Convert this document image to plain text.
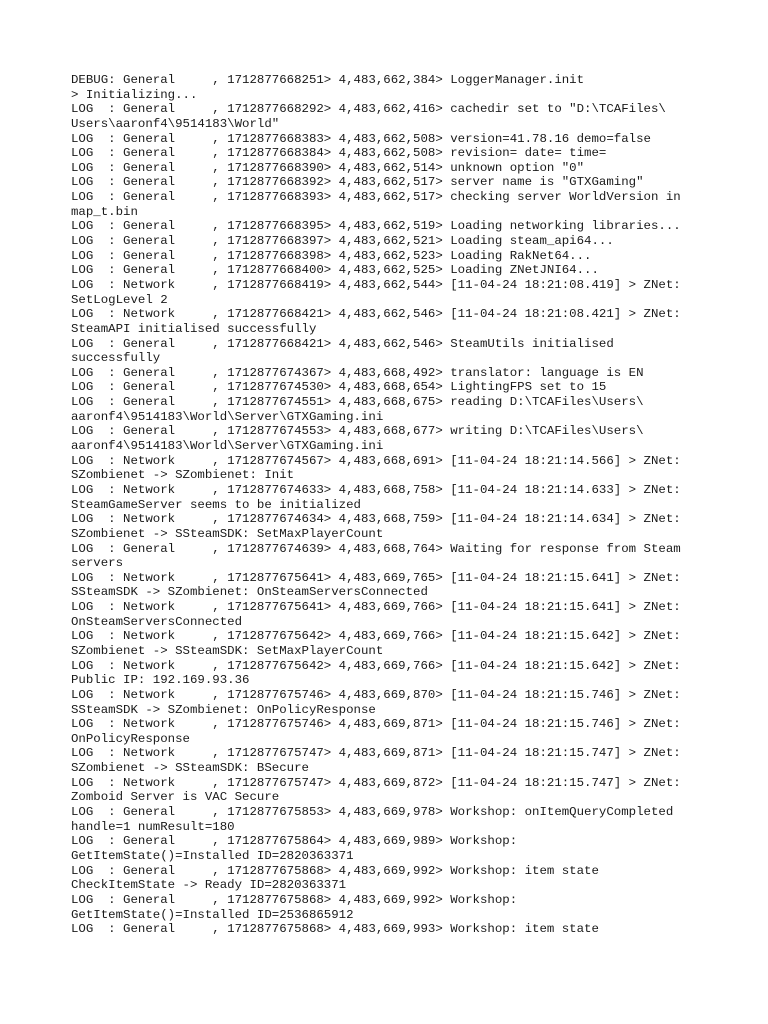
DEBUG: General     , 1712877668251> 4,483,662,384> LoggerManager.init
> Initializing...
LOG  : General     , 1712877668292> 4,483,662,416> cachedir set to "D:\TCAFiles\
Users\aaronf4\9514183\World"
LOG  : General     , 1712877668383> 4,483,662,508> version=41.78.16 demo=false
LOG  : General     , 1712877668384> 4,483,662,508> revision= date= time=
LOG  : General     , 1712877668390> 4,483,662,514> unknown option "0"
LOG  : General     , 1712877668392> 4,483,662,517> server name is "GTXGaming"
LOG  : General     , 1712877668393> 4,483,662,517> checking server WorldVersion in
map_t.bin
LOG  : General     , 1712877668395> 4,483,662,519> Loading networking libraries...
LOG  : General     , 1712877668397> 4,483,662,521> Loading steam_api64...
LOG  : General     , 1712877668398> 4,483,662,523> Loading RakNet64...
LOG  : General     , 1712877668400> 4,483,662,525> Loading ZNetJNI64...
LOG  : Network     , 1712877668419> 4,483,662,544> [11-04-24 18:21:08.419] > ZNet:
SetLogLevel 2
LOG  : Network     , 1712877668421> 4,483,662,546> [11-04-24 18:21:08.421] > ZNet:
SteamAPI initialised successfully
LOG  : General     , 1712877668421> 4,483,662,546> SteamUtils initialised
successfully
LOG  : General     , 1712877674367> 4,483,668,492> translator: language is EN
LOG  : General     , 1712877674530> 4,483,668,654> LightingFPS set to 15
LOG  : General     , 1712877674551> 4,483,668,675> reading D:\TCAFiles\Users\
aaronf4\9514183\World\Server\GTXGaming.ini
LOG  : General     , 1712877674553> 4,483,668,677> writing D:\TCAFiles\Users\
aaronf4\9514183\World\Server\GTXGaming.ini
LOG  : Network     , 1712877674567> 4,483,668,691> [11-04-24 18:21:14.566] > ZNet:
SZombienet -> SZombienet: Init
LOG  : Network     , 1712877674633> 4,483,668,758> [11-04-24 18:21:14.633] > ZNet:
SteamGameServer seems to be initialized
LOG  : Network     , 1712877674634> 4,483,668,759> [11-04-24 18:21:14.634] > ZNet:
SZombienet -> SSteamSDK: SetMaxPlayerCount
LOG  : General     , 1712877674639> 4,483,668,764> Waiting for response from Steam
servers
LOG  : Network     , 1712877675641> 4,483,669,765> [11-04-24 18:21:15.641] > ZNet:
SSteamSDK -> SZombienet: OnSteamServersConnected
LOG  : Network     , 1712877675641> 4,483,669,766> [11-04-24 18:21:15.641] > ZNet:
OnSteamServersConnected
LOG  : Network     , 1712877675642> 4,483,669,766> [11-04-24 18:21:15.642] > ZNet:
SZombienet -> SSteamSDK: SetMaxPlayerCount
LOG  : Network     , 1712877675642> 4,483,669,766> [11-04-24 18:21:15.642] > ZNet:
Public IP: 192.169.93.36
LOG  : Network     , 1712877675746> 4,483,669,870> [11-04-24 18:21:15.746] > ZNet:
SSteamSDK -> SZombienet: OnPolicyResponse
LOG  : Network     , 1712877675746> 4,483,669,871> [11-04-24 18:21:15.746] > ZNet:
OnPolicyResponse
LOG  : Network     , 1712877675747> 4,483,669,871> [11-04-24 18:21:15.747] > ZNet:
SZombienet -> SSteamSDK: BSecure
LOG  : Network     , 1712877675747> 4,483,669,872> [11-04-24 18:21:15.747] > ZNet:
Zomboid Server is VAC Secure
LOG  : General     , 1712877675853> 4,483,669,978> Workshop: onItemQueryCompleted
handle=1 numResult=180
LOG  : General     , 1712877675864> 4,483,669,989> Workshop:
GetItemState()=Installed ID=2820363371
LOG  : General     , 1712877675868> 4,483,669,992> Workshop: item state
CheckItemState -> Ready ID=2820363371
LOG  : General     , 1712877675868> 4,483,669,992> Workshop:
GetItemState()=Installed ID=2536865912
LOG  : General     , 1712877675868> 4,483,669,993> Workshop: item state
